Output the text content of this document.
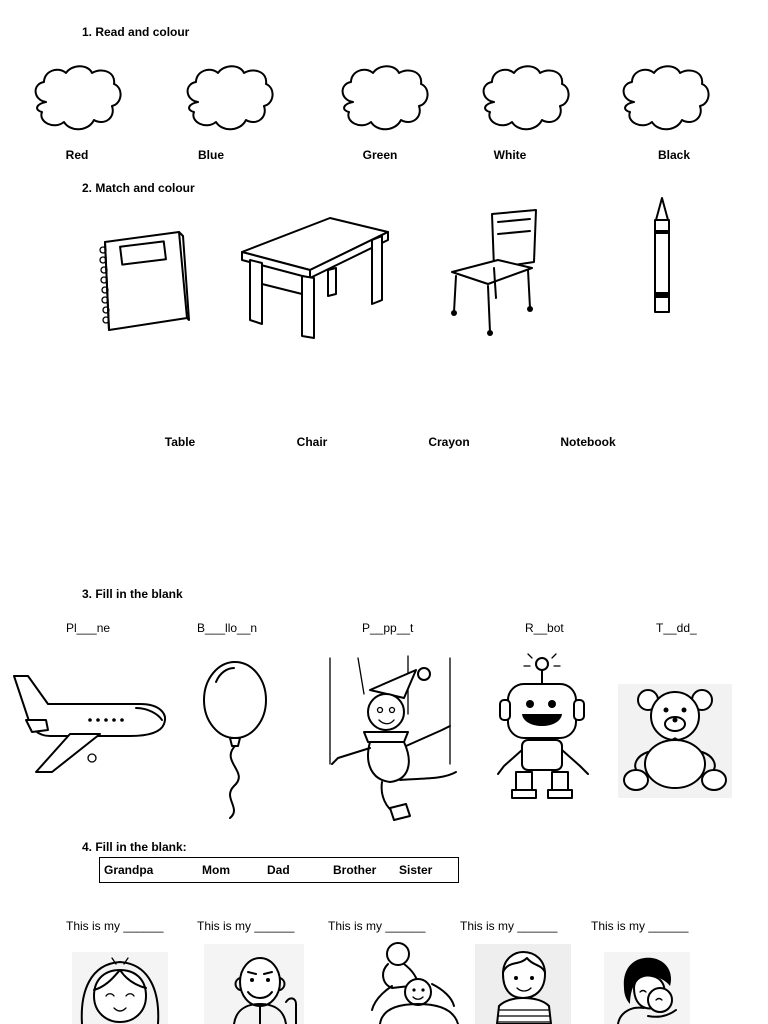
1. Read and colour
Red	Blue	Green	White	Black
2. Match and colour
Table	Chair	Crayon	Notebook
3. Fill in the blank
Pl___ne	B___llo__n	P__pp__t	R__bot	T__dd_
4. Fill in the blank:
Grandpa	Mom	Dad	Brother Sister
This is my ______	This is my ______	This is my ______	This is my ______	This is my ______
